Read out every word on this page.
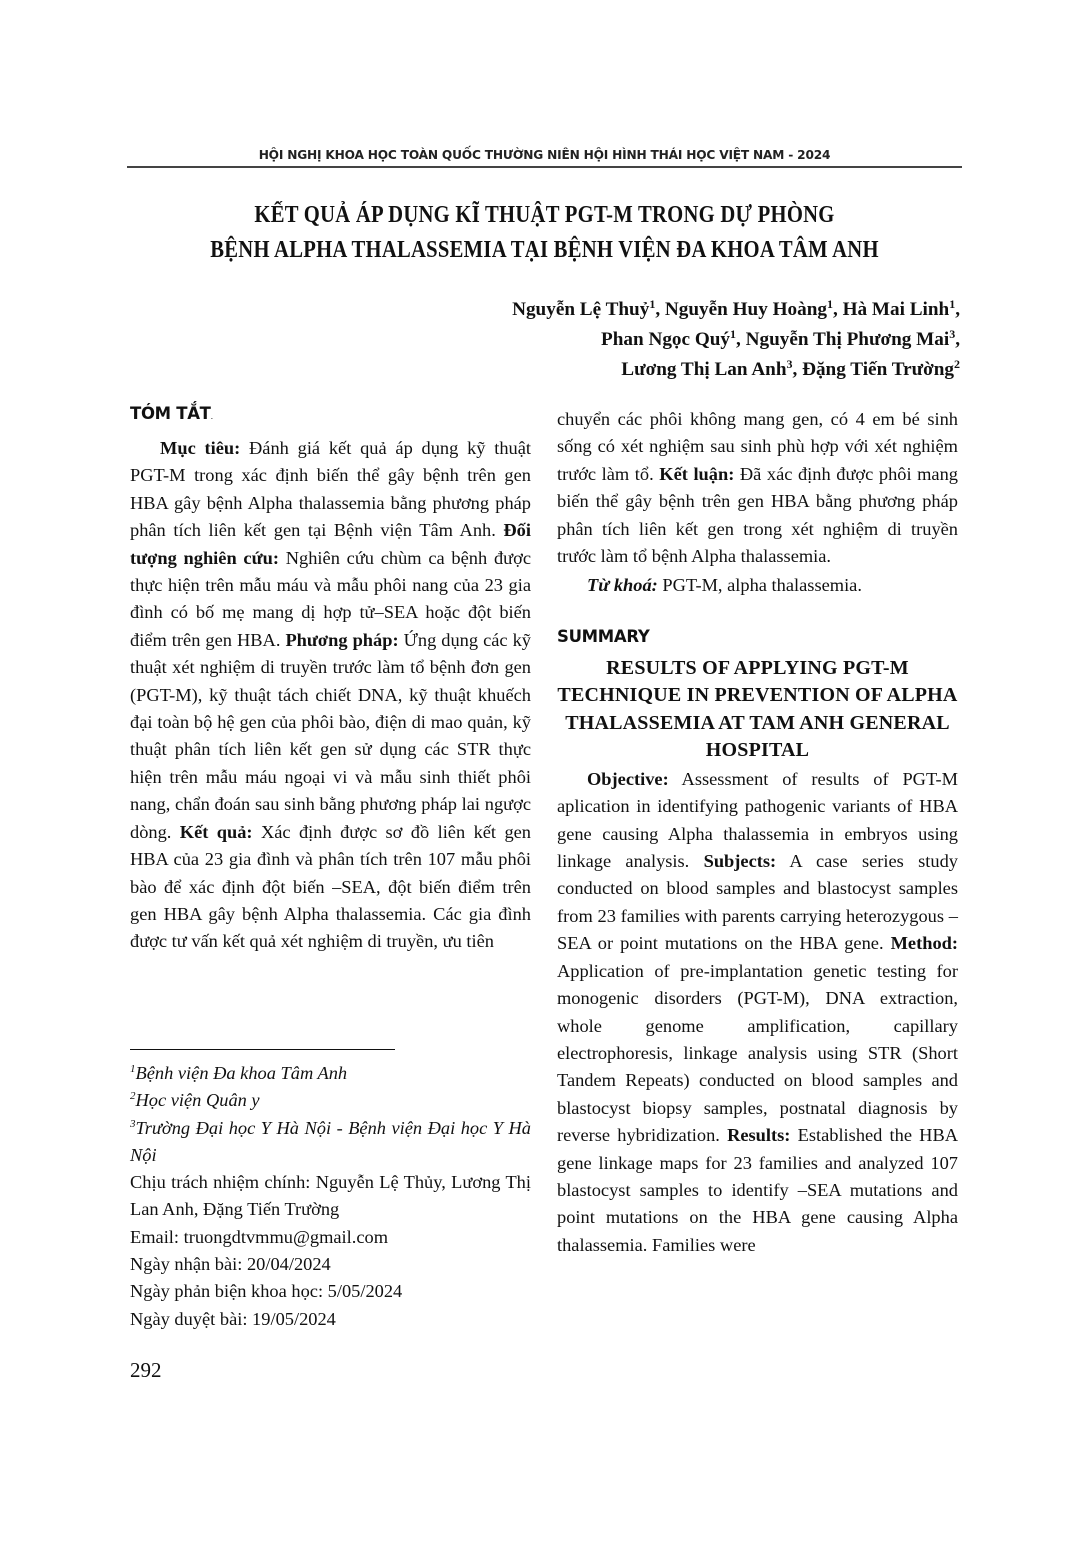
HỘI NGHỊ KHOA HỌC TOÀN QUỐC THƯỜNG NIÊN HỘI HÌNH THÁI HỌC VIỆT NAM - 2024
KẾT QUẢ ÁP DỤNG KĨ THUẬT PGT-M TRONG DỰ PHÒNG
BỆNH ALPHA THALASSEMIA TẠI BỆNH VIỆN ĐA KHOA TÂM ANH
Nguyễn Lệ Thuỷ$^1$, Nguyễn Huy Hoàng$^1$, Hà Mai Linh$^1$,
Phan Ngọc Quý$^1$, Nguyễn Thị Phương Mai$^3$,
Lương Thị Lan Anh$^3$, Đặng Tiến Trường$^2$
TÓM TẮT.

Mục tiêu: Đánh giá kết quả áp dụng kỹ thuật PGT-M trong xác định biến thể gây bệnh trên gen HBA gây bệnh Alpha thalassemia bằng phương pháp phân tích liên kết gen tại Bệnh viện Tâm Anh. Đối tượng nghiên cứu: Nghiên cứu chùm ca bệnh được thực hiện trên mẫu máu và mẫu phôi nang của 23 gia đình có bố mẹ mang dị hợp tử–SEA hoặc đột biến điểm trên gen HBA. Phương pháp: Ứng dụng các kỹ thuật xét nghiệm di truyền trước làm tổ bệnh đơn gen (PGT-M), kỹ thuật tách chiết DNA, kỹ thuật khuếch đại toàn bộ hệ gen của phôi bào, điện di mao quản, kỹ thuật phân tích liên kết gen sử dụng các STR thực hiện trên mẫu máu ngoại vi và mẫu sinh thiết phôi nang, chẩn đoán sau sinh bằng phương pháp lai ngược dòng. Kết quả: Xác định được sơ đồ liên kết gen HBA của 23 gia đình và phân tích trên 107 mẫu phôi bào để xác định đột biến –SEA, đột biến điểm trên gen HBA gây bệnh Alpha thalassemia. Các gia đình được tư vấn kết quả xét nghiệm di truyền, ưu tiên

$^1$Bệnh viện Đa khoa Tâm Anh
$^2$Học viện Quân y
$^3$Trường Đại học Y Hà Nội - Bệnh viện Đại học Y Hà Nội
Chịu trách nhiệm chính: Nguyễn Lệ Thủy, Lương Thị Lan Anh, Đặng Tiến Trường
Email: truongdtvmmu@gmail.com
Ngày nhận bài: 20/04/2024
Ngày phản biện khoa học: 5/05/2024
Ngày duyệt bài: 19/05/2024

chuyển các phôi không mang gen, có 4 em bé sinh sống có xét nghiệm sau sinh phù hợp với xét nghiệm trước làm tổ. Kết luận: Đã xác định được phôi mang biến thể gây bệnh trên gen HBA bằng phương pháp phân tích liên kết gen trong xét nghiệm di truyền trước làm tổ bệnh Alpha thalassemia.

Từ khoá: PGT-M, alpha thalassemia.

SUMMARY
RESULTS OF APPLYING PGT-M TECHNIQUE IN PREVENTION OF ALPHA THALASSEMIA AT TAM ANH GENERAL HOSPITAL

Objective: Assessment of results of PGT-M aplication in identifying pathogenic variants of HBA gene causing Alpha thalassemia in embryos using linkage analysis. Subjects: A case series study conducted on blood samples and blastocyst samples from 23 families with parents carrying heterozygous –SEA or point mutations on the HBA gene. Method: Application of pre-implantation genetic testing for monogenic disorders (PGT-M), DNA extraction, whole genome amplification, capillary electrophoresis, linkage analysis using STR (Short Tandem Repeats) conducted on blood samples and blastocyst biopsy samples, postnatal diagnosis by reverse hybridization. Results: Established the HBA gene linkage maps for 23 families and analyzed 107 blastocyst samples to identify –SEA mutations and point mutations on the HBA gene causing Alpha thalassemia. Families were

292
